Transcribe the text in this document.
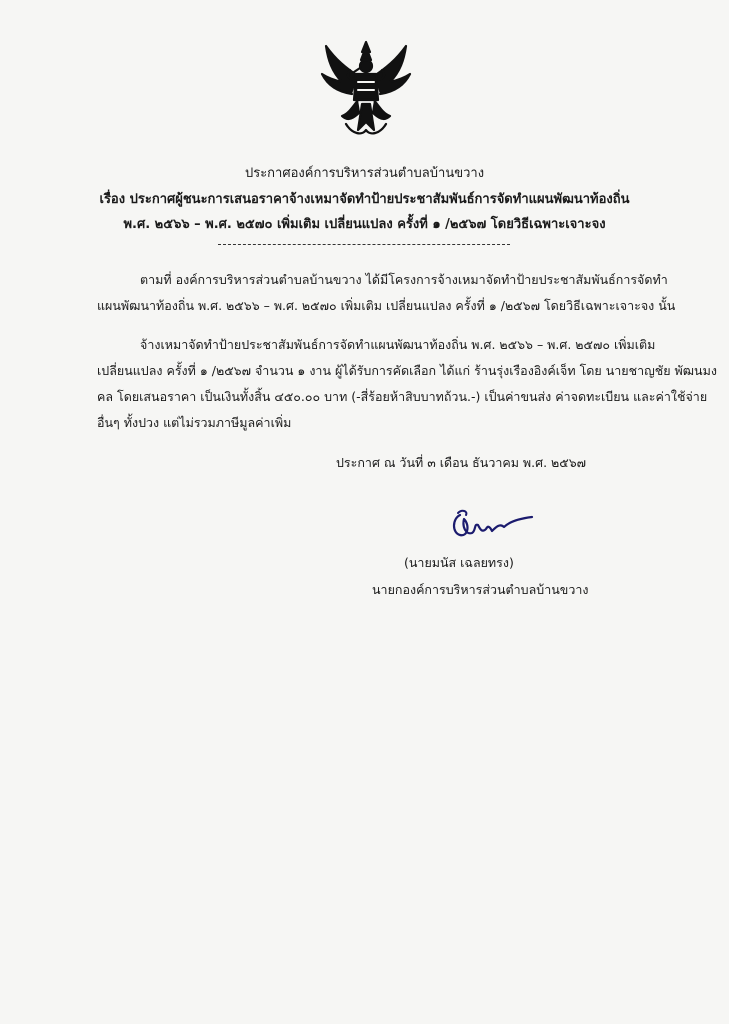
ประกาศองค์การบริหารส่วนตำบลบ้านขวาง
เรื่อง ประกาศผู้ชนะการเสนอราคาจ้างเหมาจัดทำป้ายประชาสัมพันธ์การจัดทำแผนพัฒนาท้องถิ่น
พ.ศ. ๒๕๖๖ – พ.ศ. ๒๕๗๐ เพิ่มเติม เปลี่ยนแปลง ครั้งที่ ๑ /๒๕๖๗ โดยวิธีเฉพาะเจาะจง
ตามที่ องค์การบริหารส่วนตำบลบ้านขวาง ได้มีโครงการจ้างเหมาจัดทำป้ายประชาสัมพันธ์การจัดทำ
แผนพัฒนาท้องถิ่น พ.ศ. ๒๕๖๖ – พ.ศ. ๒๕๗๐ เพิ่มเติม เปลี่ยนแปลง ครั้งที่ ๑ /๒๕๖๗ โดยวิธีเฉพาะเจาะจง นั้น
จ้างเหมาจัดทำป้ายประชาสัมพันธ์การจัดทำแผนพัฒนาท้องถิ่น พ.ศ. ๒๕๖๖ – พ.ศ. ๒๕๗๐ เพิ่มเติม
เปลี่ยนแปลง ครั้งที่ ๑ /๒๕๖๗ จำนวน ๑ งาน ผู้ได้รับการคัดเลือก ได้แก่ ร้านรุ่งเรืองอิงค์เจ็ท โดย นายชาญชัย พัฒนมง
คล โดยเสนอราคา เป็นเงินทั้งสิ้น ๔๕๐.๐๐ บาท (-สี่ร้อยห้าสิบบาทถ้วน.-) เป็นค่าขนส่ง ค่าจดทะเบียน และค่าใช้จ่าย
อื่นๆ ทั้งปวง แต่ไม่รวมภาษีมูลค่าเพิ่ม
ประกาศ ณ วันที่ ๓ เดือน ธันวาคม พ.ศ. ๒๕๖๗
(นายมนัส เฉลยทรง)
นายกองค์การบริหารส่วนตำบลบ้านขวาง
